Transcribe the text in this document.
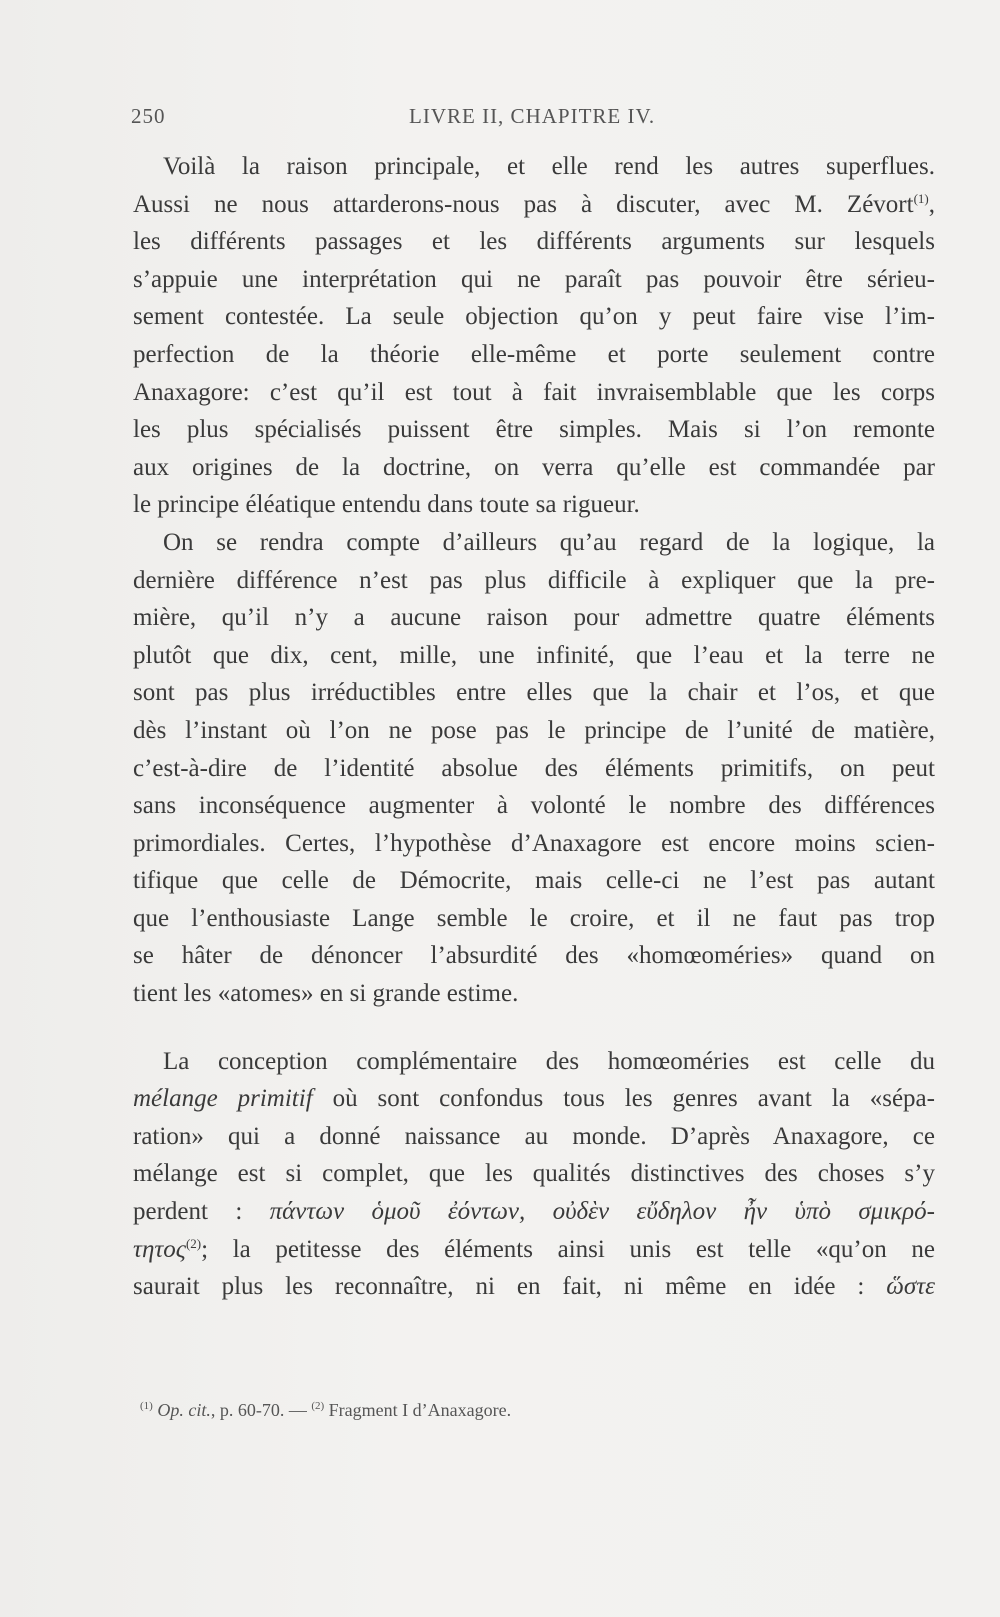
250	LIVRE II, CHAPITRE IV.
Voilà la raison principale, et elle rend les autres superflues.
Aussi ne nous attarderons-nous pas à discuter, avec M. Zévort$^{(1)}$,
les différents passages et les différents arguments sur lesquels
s’appuie une interprétation qui ne paraît pas pouvoir être sérieu-
sement contestée. La seule objection qu’on y peut faire vise l’im-
perfection de la théorie elle-même et porte seulement contre
Anaxagore: c’est qu’il est tout à fait invraisemblable que les corps
les plus spécialisés puissent être simples. Mais si l’on remonte
aux origines de la doctrine, on verra qu’elle est commandée par
le principe éléatique entendu dans toute sa rigueur.
On se rendra compte d’ailleurs qu’au regard de la logique, la
dernière différence n’est pas plus difficile à expliquer que la pre-
mière, qu’il n’y a aucune raison pour admettre quatre éléments
plutôt que dix, cent, mille, une infinité, que l’eau et la terre ne
sont pas plus irréductibles entre elles que la chair et l’os, et que
dès l’instant où l’on ne pose pas le principe de l’unité de matière,
c’est-à-dire de l’identité absolue des éléments primitifs, on peut
sans inconséquence augmenter à volonté le nombre des différences
primordiales. Certes, l’hypothèse d’Anaxagore est encore moins scien-
tifique que celle de Démocrite, mais celle-ci ne l’est pas autant
que l’enthousiaste Lange semble le croire, et il ne faut pas trop
se hâter de dénoncer l’absurdité des «homœoméries» quand on
tient les «atomes» en si grande estime.
La conception complémentaire des homœoméries est celle du
mélange primitif où sont confondus tous les genres avant la «sépa-
ration» qui a donné naissance au monde. D’après Anaxagore, ce
mélange est si complet, que les qualités distinctives des choses s’y
perdent : πάντων ὁμοῦ ἐόντων, οὐδὲν εὔδηλον ἦν ὑπὸ σμικρό-
τητος$^{(2)}$; la petitesse des éléments ainsi unis est telle «qu’on ne
saurait plus les reconnaître, ni en fait, ni même en idée : ὥστε
$^{(1)}$ Op. cit., p. 60-70. — $^{(2)}$ Fragment I d’Anaxagore.
